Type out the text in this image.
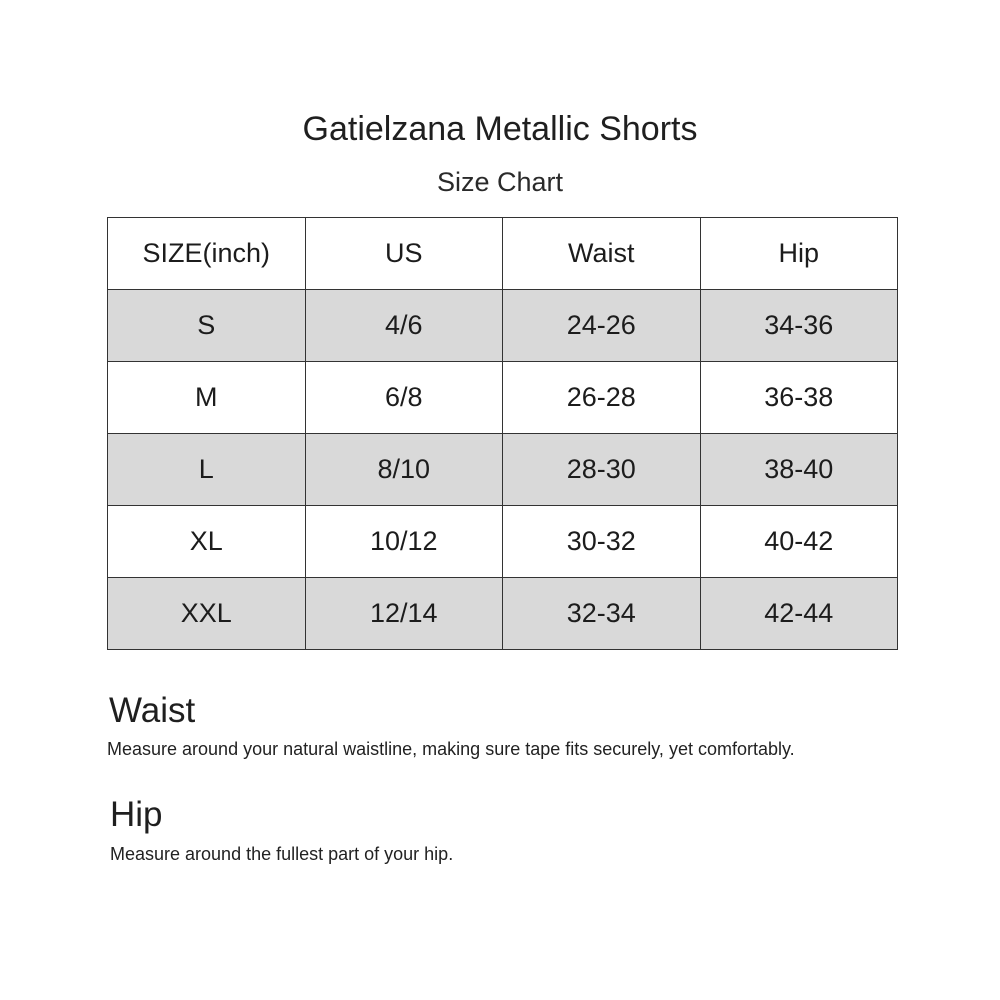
Gatielzana Metallic Shorts
Size Chart
SIZE(inch)	US	Waist	Hip
S	4/6	24-26	34-36
M	6/8	26-28	36-38
L	8/10	28-30	38-40
XL	10/12	30-32	40-42
XXL	12/14	32-34	42-44
Waist

Measure around your natural waistline, making sure tape fits securely, yet comfortably.

Hip

Measure around the fullest part of your hip.
